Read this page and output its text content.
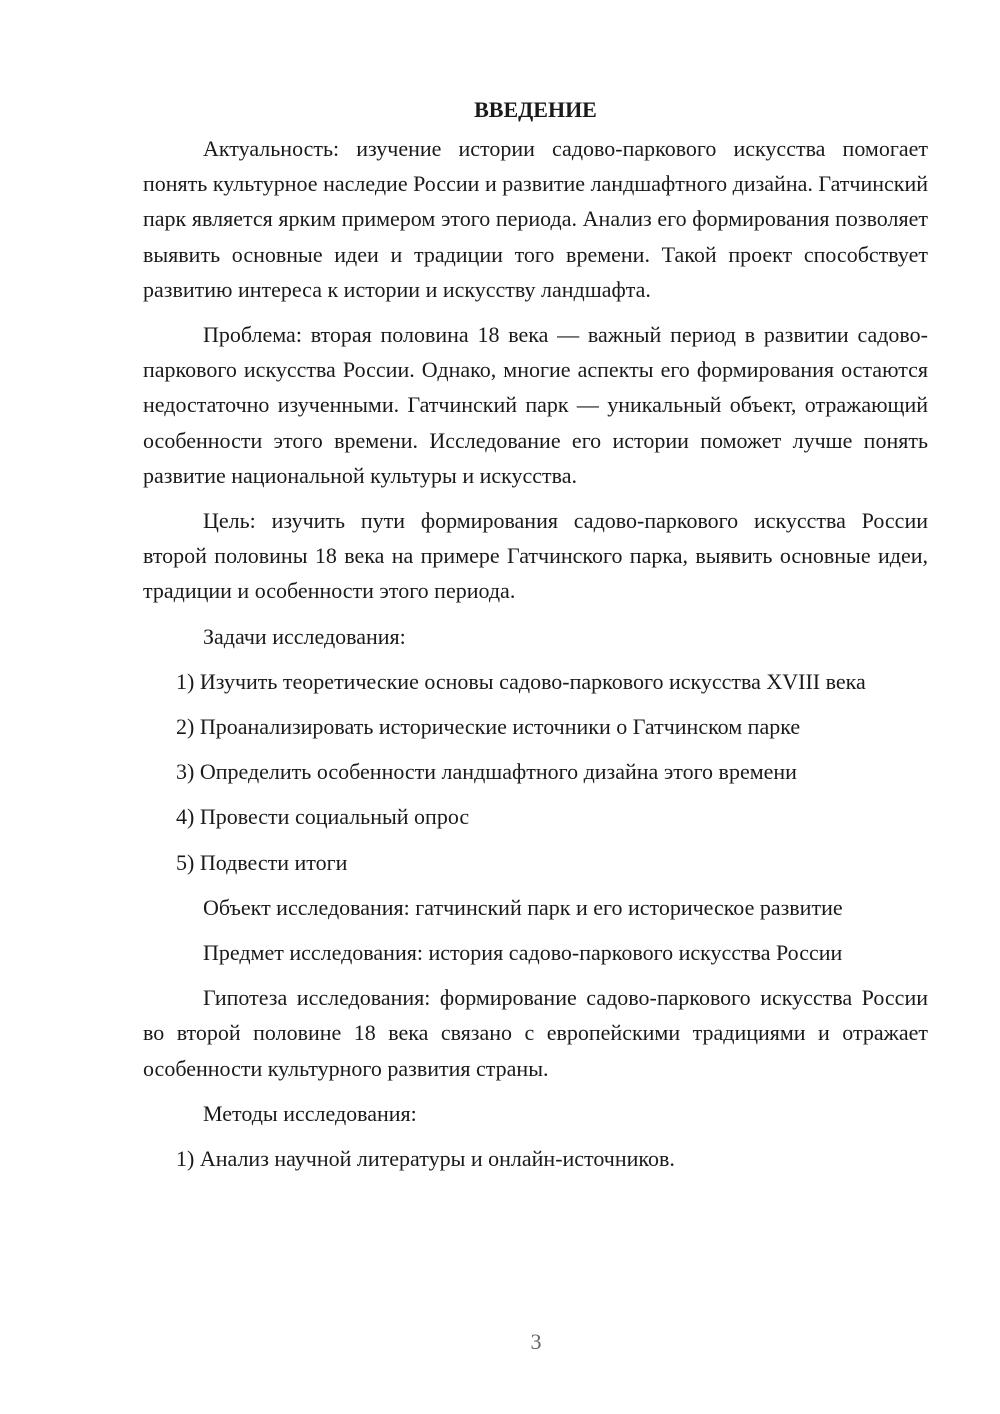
ВВЕДЕНИЕ

Актуальность: изучение истории садово-паркового искусства помогает понять культурное наследие России и развитие ландшафтного дизайна. Гатчинский парк является ярким примером этого периода. Анализ его формирования позволяет выявить основные идеи и традиции того времени. Такой проект способствует развитию интереса к истории и искусству ландшафта.

Проблема: вторая половина 18 века — важный период в развитии садово-паркового искусства России. Однако, многие аспекты его формирования остаются недостаточно изученными. Гатчинский парк — уникальный объект, отражающий особенности этого времени. Исследование его истории поможет лучше понять развитие национальной культуры и искусства.

Цель: изучить пути формирования садово-паркового искусства России второй половины 18 века на примере Гатчинского парка, выявить основные идеи, традиции и особенности этого периода.

Задачи исследования:

1) Изучить теоретические основы садово-паркового искусства XVIII века

2) Проанализировать исторические источники о Гатчинском парке

3) Определить особенности ландшафтного дизайна этого времени

4) Провести социальный опрос

5) Подвести итоги

Объект исследования: гатчинский парк и его историческое развитие

Предмет исследования: история садово-паркового искусства России

Гипотеза исследования: формирование садово-паркового искусства России во второй половине 18 века связано с европейскими традициями и отражает особенности культурного развития страны.

Методы исследования:

1) Анализ научной литературы и онлайн-источников.

3
